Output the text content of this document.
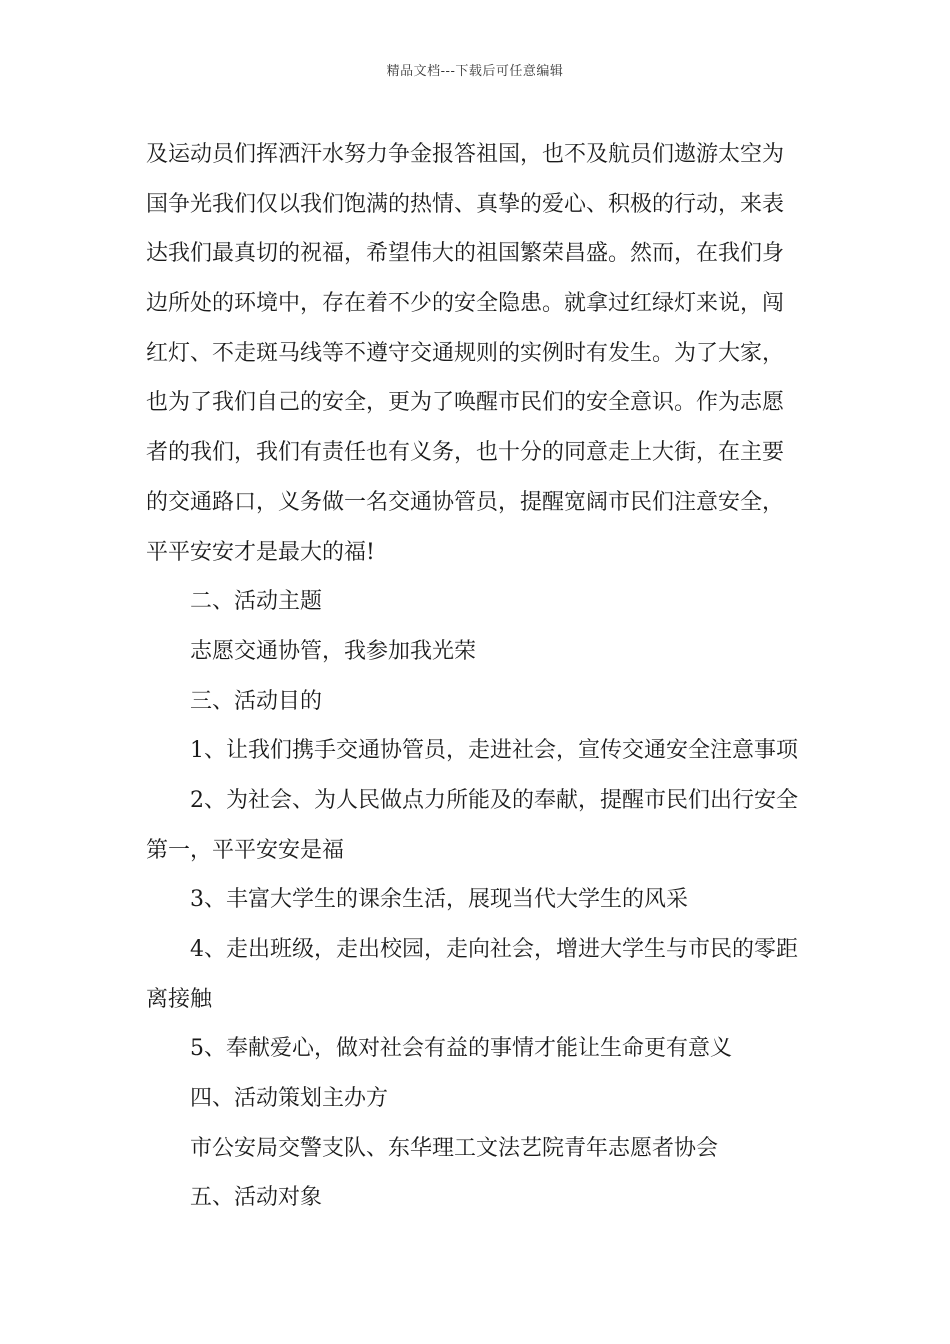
精品文档---下载后可任意编辑
及运动员们挥洒汗水努力争金报答祖国，也不及航员们遨游太空为
国争光我们仅以我们饱满的热情、真挚的爱心、积极的行动，来表
达我们最真切的祝福，希望伟大的祖国繁荣昌盛。然而，在我们身
边所处的环境中，存在着不少的安全隐患。就拿过红绿灯来说，闯
红灯、不走斑马线等不遵守交通规则的实例时有发生。为了大家，
也为了我们自己的安全，更为了唤醒市民们的安全意识。作为志愿
者的我们，我们有责任也有义务，也十分的同意走上大街，在主要
的交通路口，义务做一名交通协管员，提醒宽阔市民们注意安全，
平平安安才是最大的福!
二、活动主题
志愿交通协管，我参加我光荣
三、活动目的
1、让我们携手交通协管员，走进社会，宣传交通安全注意事项
2、为社会、为人民做点力所能及的奉献，提醒市民们出行安全
第一，平平安安是福
3、丰富大学生的课余生活，展现当代大学生的风采
4、走出班级，走出校园，走向社会，增进大学生与市民的零距
离接触
5、奉献爱心，做对社会有益的事情才能让生命更有意义
四、活动策划主办方
市公安局交警支队、东华理工文法艺院青年志愿者协会
五、活动对象
